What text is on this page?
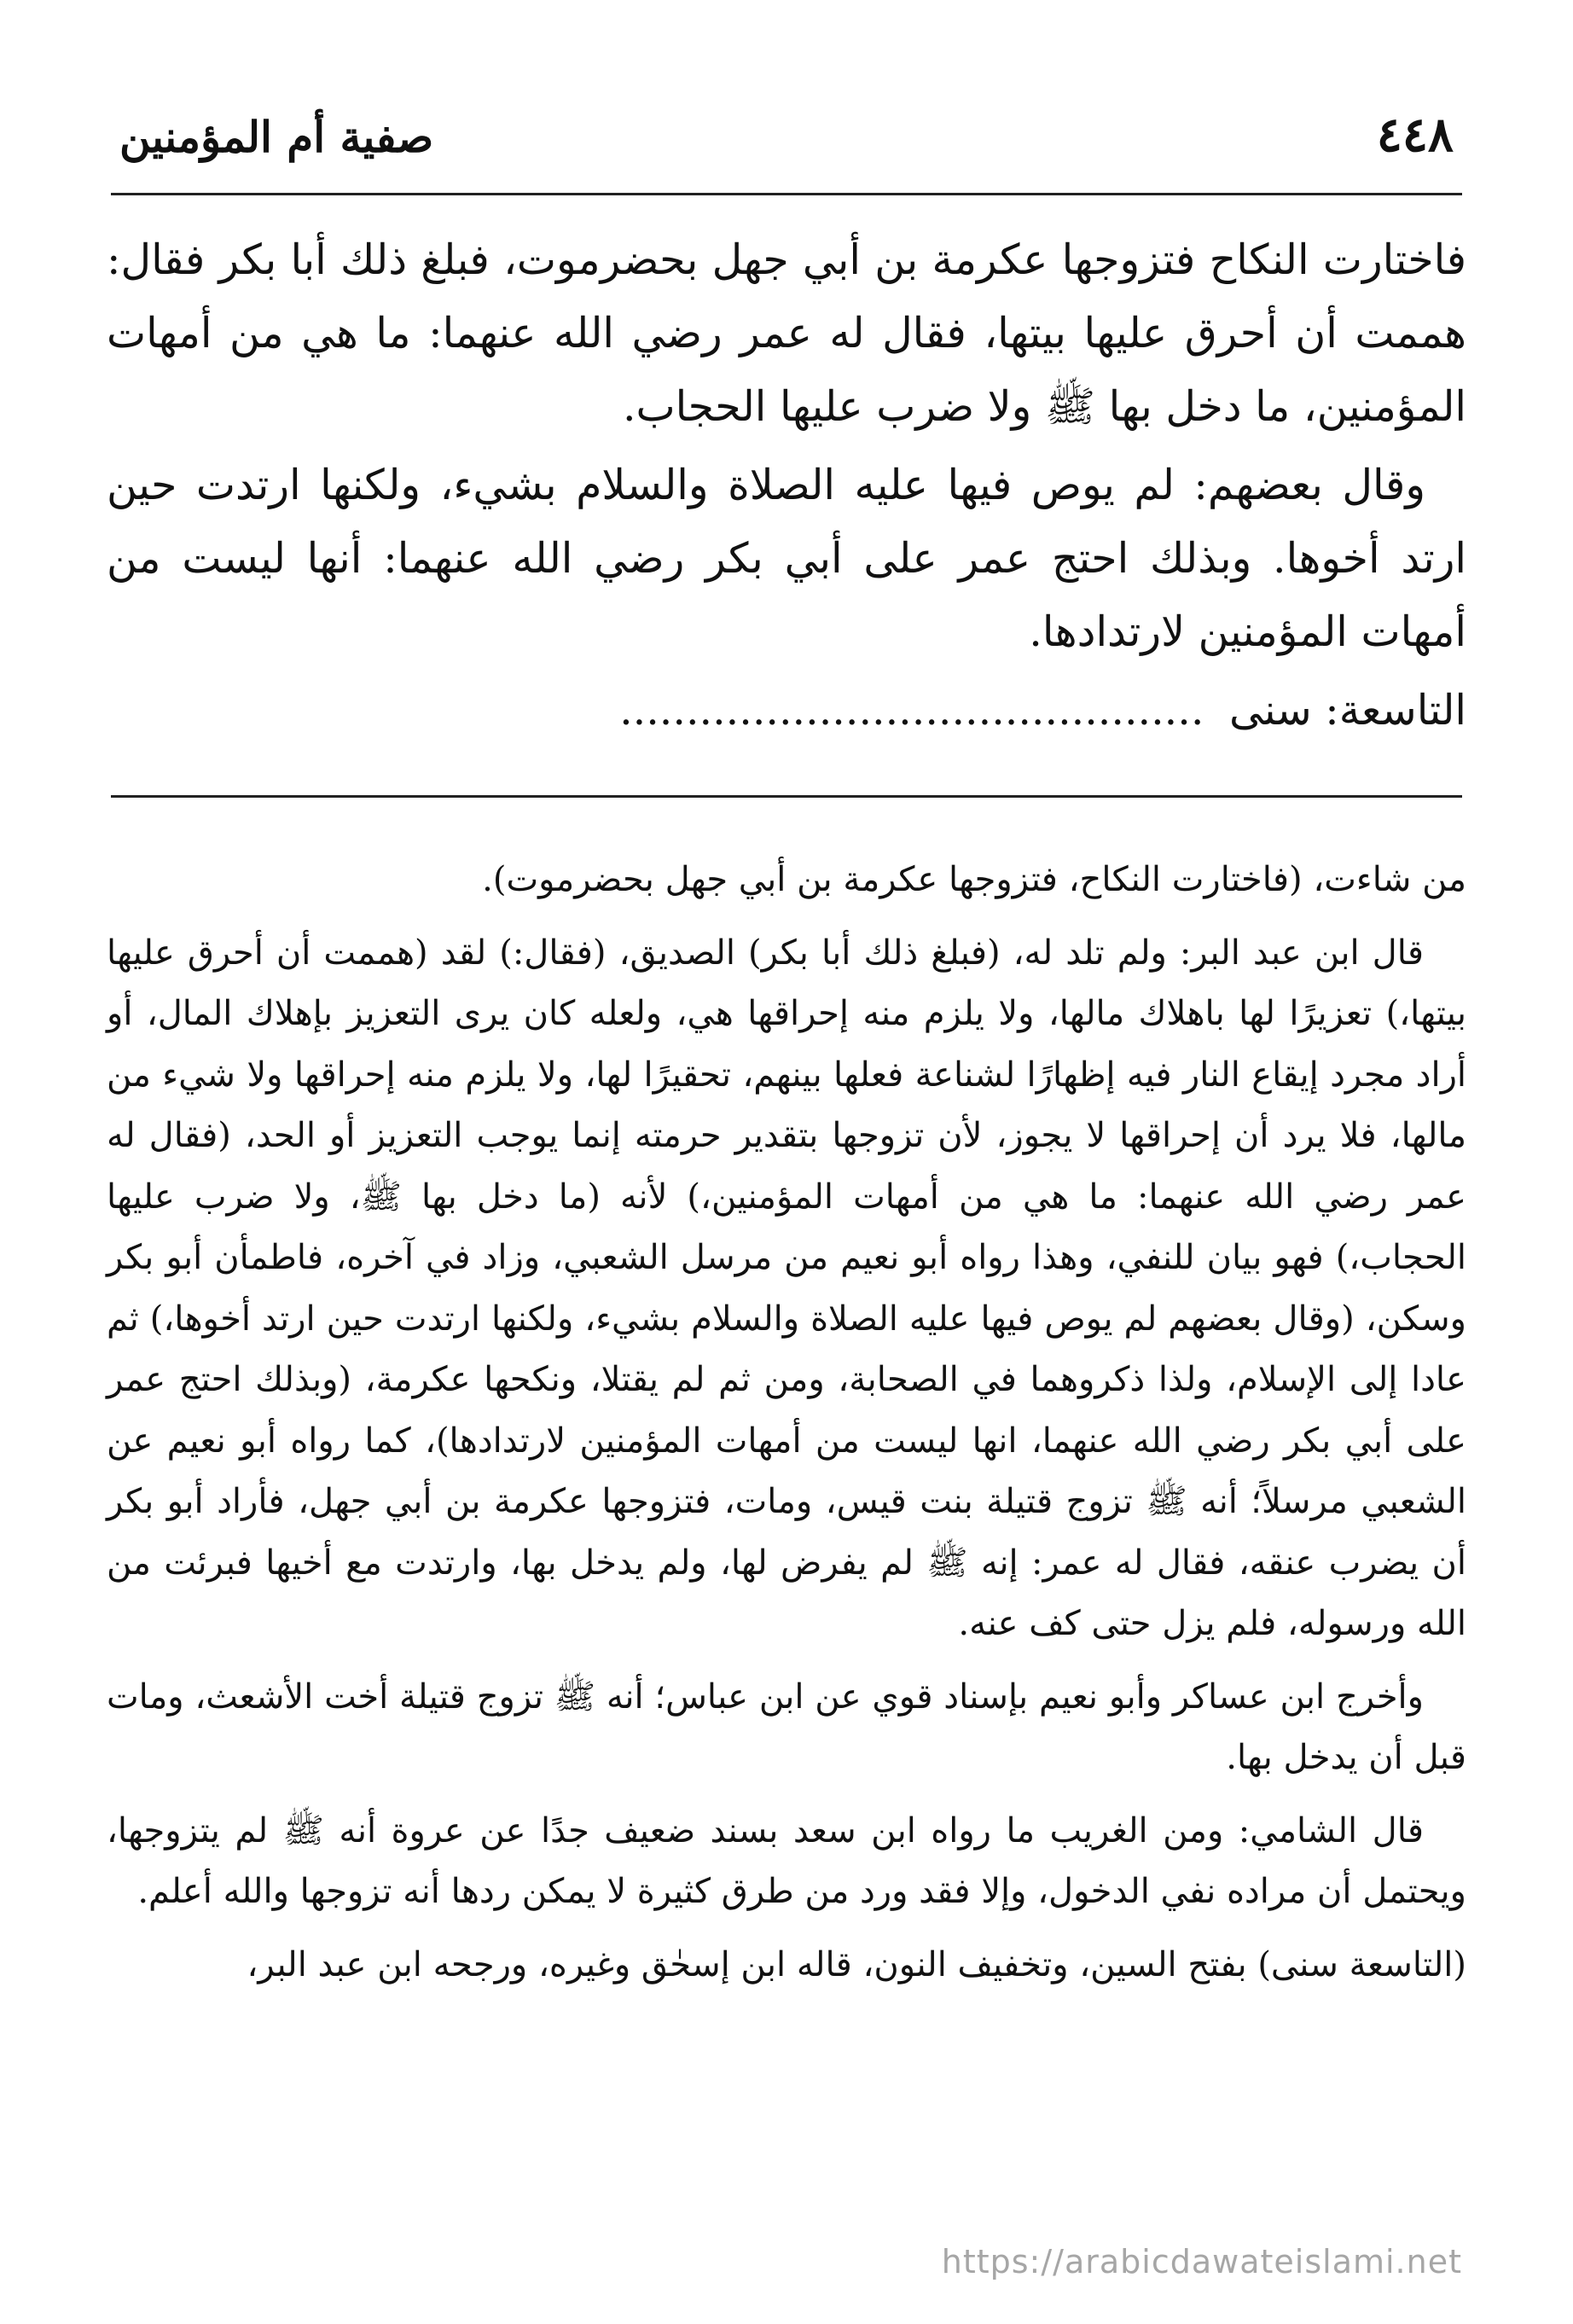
٤٤٨
صفية أم المؤمنين

فاختارت النكاح فتزوجها عكرمة بن أبي جهل بحضرموت، فبلغ ذلك أبا بكر فقال: هممت أن أحرق عليها بيتها، فقال له عمر رضي الله عنهما: ما هي من أمهات المؤمنين، ما دخل بها ﷺ ولا ضرب عليها الحجاب.

وقال بعضهم: لم يوص فيها عليه الصلاة والسلام بشيء، ولكنها ارتدت حين ارتد أخوها. وبذلك احتج عمر على أبي بكر رضي الله عنهما: أنها ليست من أمهات المؤمنين لارتدادها.

التاسعة: سنى ............................................

من شاءت، (فاختارت النكاح، فتزوجها عكرمة بن أبي جهل بحضرموت).

قال ابن عبد البر: ولم تلد له، (فبلغ ذلك أبا بكر) الصديق، (فقال:) لقد (هممت أن أحرق عليها بيتها،) تعزيرًا لها باهلاك مالها، ولا يلزم منه إحراقها هي، ولعله كان يرى التعزيز بإهلاك المال، أو أراد مجرد إيقاع النار فيه إظهارًا لشناعة فعلها بينهم، تحقيرًا لها، ولا يلزم منه إحراقها ولا شيء من مالها، فلا يرد أن إحراقها لا يجوز، لأن تزوجها بتقدير حرمته إنما يوجب التعزيز أو الحد، (فقال له عمر رضي الله عنهما: ما هي من أمهات المؤمنين،) لأنه (ما دخل بها ﷺ، ولا ضرب عليها الحجاب،) فهو بيان للنفي، وهذا رواه أبو نعيم من مرسل الشعبي، وزاد في آخره، فاطمأن أبو بكر وسكن، (وقال بعضهم لم يوص فيها عليه الصلاة والسلام بشيء، ولكنها ارتدت حين ارتد أخوها،) ثم عادا إلى الإسلام، ولذا ذكروهما في الصحابة، ومن ثم لم يقتلا، ونكحها عكرمة، (وبذلك احتج عمر على أبي بكر رضي الله عنهما، انها ليست من أمهات المؤمنين لارتدادها)، كما رواه أبو نعيم عن الشعبي مرسلاً؛ أنه ﷺ تزوج قتيلة بنت قيس، ومات، فتزوجها عكرمة بن أبي جهل، فأراد أبو بكر أن يضرب عنقه، فقال له عمر: إنه ﷺ لم يفرض لها، ولم يدخل بها، وارتدت مع أخيها فبرئت من الله ورسوله، فلم يزل حتى كف عنه.

وأخرج ابن عساكر وأبو نعيم بإسناد قوي عن ابن عباس؛ أنه ﷺ تزوج قتيلة أخت الأشعث، ومات قبل أن يدخل بها.

قال الشامي: ومن الغريب ما رواه ابن سعد بسند ضعيف جدًا عن عروة أنه ﷺ لم يتزوجها، ويحتمل أن مراده نفي الدخول، وإلا فقد ورد من طرق كثيرة لا يمكن ردها أنه تزوجها والله أعلم.

(التاسعة سنى) بفتح السين، وتخفيف النون، قاله ابن إسحٰق وغيره، ورجحه ابن عبد البر،

https://arabicdawateislami.net
